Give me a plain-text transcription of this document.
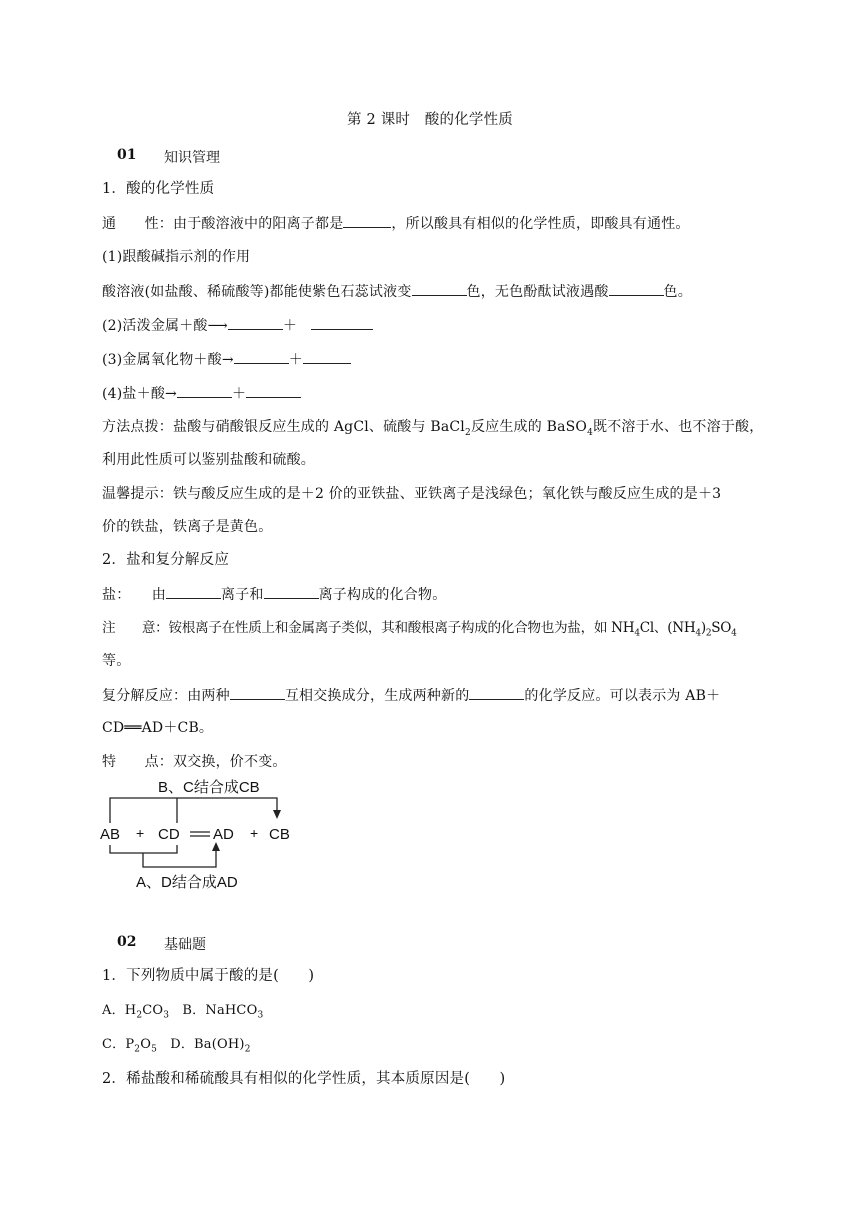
第 2 课时　酸的化学性质
01 知识管理
1．酸的化学性质
通　　性：由于酸溶液中的阳离子都是	，所以酸具有相似的化学性质，即酸具有通性。
(1)跟酸碱指示剂的作用
酸溶液(如盐酸、稀硫酸等)都能使紫色石蕊试液变	色，无色酚酞试液遇酸	色。
(2)活泼金属＋酸⟶	＋
(3)金属氧化物＋酸→	＋
(4)盐＋酸→	＋
方法点拨：盐酸与硝酸银反应生成的 AgCl、硫酸与 BaCl$_2$反应生成的 BaSO$_4$既不溶于水、也不溶于酸，
利用此性质可以鉴别盐酸和硫酸。
温馨提示：铁与酸反应生成的是＋2 价的亚铁盐、亚铁离子是浅绿色；氧化铁与酸反应生成的是＋3
价的铁盐，铁离子是黄色。
2．盐和复分解反应
盐：　　由	离子和	离子构成的化合物。
注　　意：铵根离子在性质上和金属离子类似，其和酸根离子构成的化合物也为盐，如 $NH_4Cl$、$(NH_4)_2SO_4$
等。
复分解反应：由两种	互相交换成分，生成两种新的	的化学反应。可以表示为 AB＋
CD══AD＋CB。
特　　点：双交换，价不变。
B、C结合成CB
AB + CD AD + CB
A、D结合成AD
02 基础题
1．下列物质中属于酸的是(　　)
A．$H_2CO_3$　B．NaHCO$_3$
C．$P_2O_5$　D．$Ba(OH)_2$
2．稀盐酸和稀硫酸具有相似的化学性质，其本质原因是(　　)
